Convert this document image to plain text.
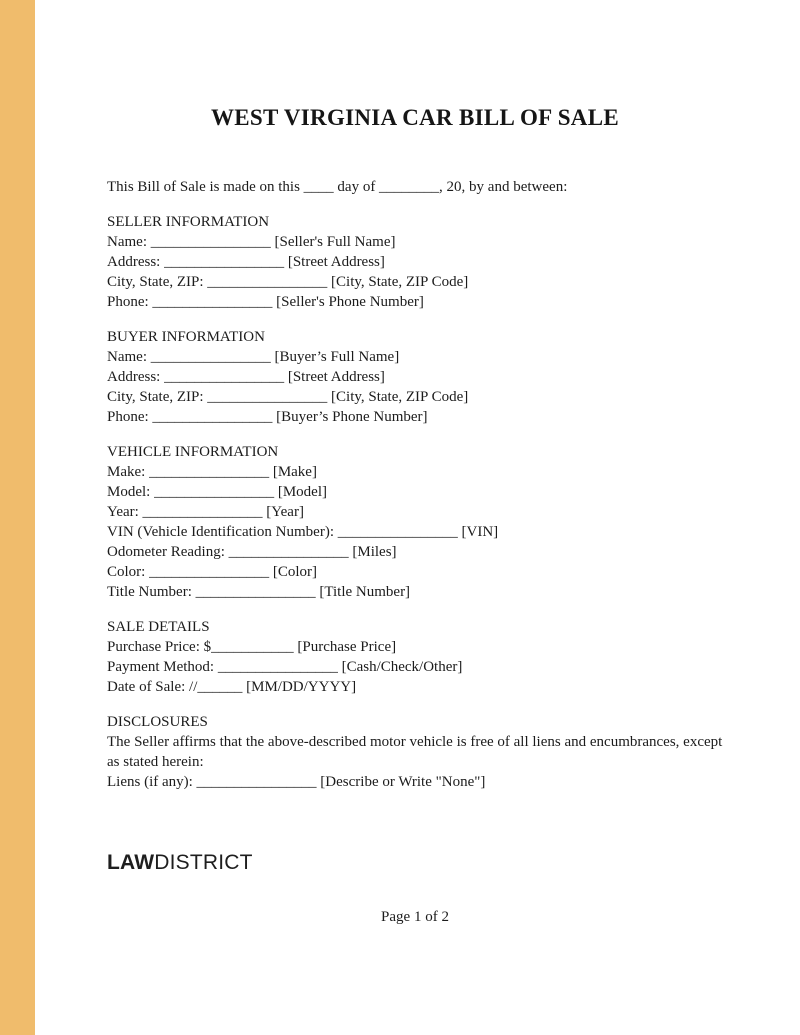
WEST VIRGINIA CAR BILL OF SALE

This Bill of Sale is made on this ____ day of ________, 20, by and between:

SELLER INFORMATION
Name: ________________ [Seller's Full Name]
Address: ________________ [Street Address]
City, State, ZIP: ________________ [City, State, ZIP Code]
Phone: ________________ [Seller's Phone Number]
BUYER INFORMATION
Name: ________________ [Buyer’s Full Name]
Address: ________________ [Street Address]
City, State, ZIP: ________________ [City, State, ZIP Code]
Phone: ________________ [Buyer’s Phone Number]
VEHICLE INFORMATION
Make: ________________ [Make]
Model: ________________ [Model]
Year: ________________ [Year]
VIN (Vehicle Identification Number): ________________ [VIN]
Odometer Reading: ________________ [Miles]
Color: ________________ [Color]
Title Number: ________________ [Title Number]
SALE DETAILS
Purchase Price: $___________ [Purchase Price]
Payment Method: ________________ [Cash/Check/Other]
Date of Sale: //______ [MM/DD/YYYY]
DISCLOSURES
The Seller affirms that the above-described motor vehicle is free of all liens and encumbrances, except as stated herein:
Liens (if any): ________________ [Describe or Write "None"]
LAWDISTRICT
Page 1 of 2
